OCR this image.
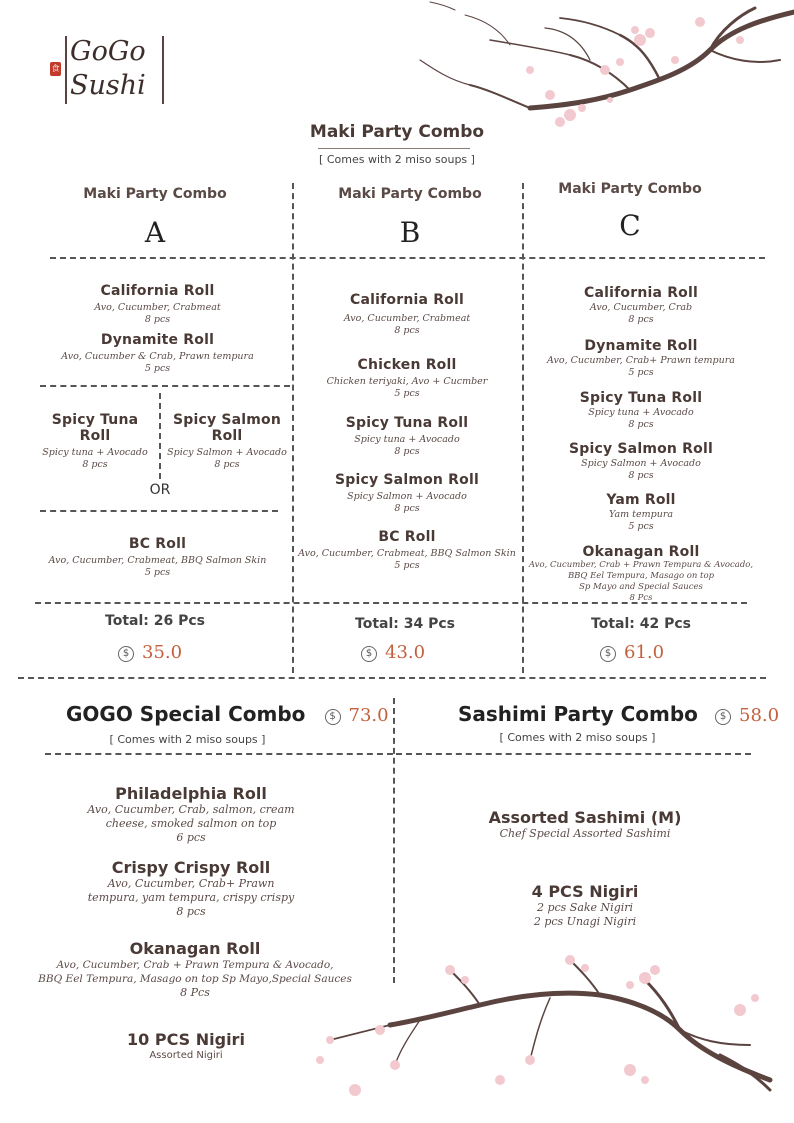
食
GoGo
Sushi
Maki Party Combo
[ Comes with 2 miso soups ]
Maki Party Combo
A
Maki Party Combo
B
Maki Party Combo
C
California Roll
Avo, Cucumber, Crabmeat
8 pcs
Dynamite Roll
Avo, Cucumber & Crab, Prawn tempura
5 pcs
Spicy Tuna Roll
Spicy tuna + Avocado
8 pcs
Spicy Salmon Roll
Spicy Salmon + Avocado
8 pcs
OR
BC Roll
Avo, Cucumber, Crabmeat, BBQ Salmon Skin
5 pcs
California Roll
Avo, Cucumber, Crabmeat
8 pcs
Chicken Roll
Chicken teriyaki, Avo + Cucmber
5 pcs
Spicy Tuna Roll
Spicy tuna + Avocado
8 pcs
Spicy Salmon Roll
Spicy Salmon + Avocado
8 pcs
BC Roll
Avo, Cucumber, Crabmeat, BBQ Salmon Skin
5 pcs
California Roll
Avo, Cucumber, Crab
8 pcs
Dynamite Roll
Avo, Cucumber, Crab+ Prawn tempura
5 pcs
Spicy Tuna Roll
Spicy tuna + Avocado
8 pcs
Spicy Salmon Roll
Spicy Salmon + Avocado
8 pcs
Yam Roll
Yam tempura
5 pcs
Okanagan Roll
Avo, Cucumber, Crab + Prawn Tempura & Avocado,
BBQ Eel Tempura, Masago on top
Sp Mayo and Special Sauces
8 Pcs
Total: 26 Pcs
$ 35.0
Total: 34 Pcs
$ 43.0
Total: 42 Pcs
$ 61.0
GOGO Special Combo $ 73.0
[ Comes with 2 miso soups ]
Philadelphia Roll
Avo, Cucumber, Crab, salmon, cream
cheese, smoked salmon on top
6 pcs
Crispy Crispy Roll
Avo, Cucumber, Crab+ Prawn
tempura, yam tempura, crispy crispy
8 pcs
Okanagan Roll
Avo, Cucumber, Crab + Prawn Tempura & Avocado,
BBQ Eel Tempura, Masago on top Sp Mayo,Special Sauces
8 Pcs
10 PCS Nigiri
Assorted Nigiri
Sashimi Party Combo $ 58.0
[ Comes with 2 miso soups ]
Assorted Sashimi (M)
Chef Special Assorted Sashimi
4 PCS Nigiri
2 pcs Sake Nigiri
2 pcs Unagi Nigiri
